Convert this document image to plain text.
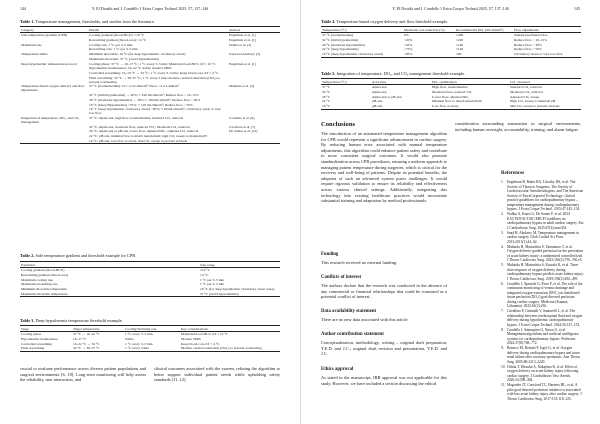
144	Y. El Dwaiki and J. Condello 1 Extra Corpor Technol 2025, 57, 137–146
Table 1. Temperature management, thresholds, and studies from the literature.
Category	Details	Authors
Safe temperature gradient (CPB)	Cooling gradient (blood-HCU): ≤10 °C	Engelman et al. [1]
	Rewarming gradient (blood-core): ≤4 °C	Engelman et al. [1]
Maximum rate	Cooling rate: 1 °C per 3–5 min	Wahba et al. [2]
	Rewarming rate: 1 °C per 3–5 min	
Temperature limits	Minimum allowable: 16 °C (for deep hypothermic circulatory arrest)	Saad and Aladawy [3]
	Maximum allowable: 37 °C (avoid hyperthermia)	
Deep hypothermic temperature protocol	Cooling phase: 37 °C → 16–17 °C; 1 °C every 3–5 min; Maintain blood-HCU ΔT ≤ 10 °C	Engelman et al. [1]
	Hypothermic maintenance: 16–22 °C stable; monitor MRS	
	Controlled rewarming: 16–19 °C → 32 °C; 1 °C every 3–5 min; Keep blood-core ΔT < 4 °C	
	Final rewarming: 32 °C → 36–37 °C; 1 °C every 5 min; monitor cerebral saturation (rSO₂) to prevent overheating	
Temperature-based oxygen delivery and flow adjustments	37 °C (normothermia): CI ≈ 2.4 L/min/m²; Flow: ~2.4 L/min/m²	Mukaida et al. [4]
	32 °C (mild hypothermia) → 20%; ≈ 220 mL/min/m²; Reduce flow ~ 10–15%	
	28 °C (moderate hypothermia) → 39%; ≈ 160 mL/min/m²; Reduce flow ~ 30%	
	18 °C (Deep Hypothermia) ~75%; ≈ 120 mL/min/m²; Reduce flow ~ 50%	
	16 °C (deep hypothermic circulatory arrest) ~85%; ≈ 60 mL/min/m²; circulatory arrest or very low flow	
Integration of temperature, DO₂, and CO₂ management	37 °C: Alpha-stat, high flow; normothermia, standard CO₂ removal	Condello et al. [6]
	32 °C: Alpha-stat, moderate flow, reduced VO₂; Moderate CO₂ removal	Cavallaro et al. [7]
	28 °C: Alpha-stat or pH-stat, lower flow, adjusted DO₂, adjusted CO₂ removal	De Somer et al. [12]
	22 °C: pH-stat, minimal flow to match metabolism; high CO₂ sweep to maintain pH	
	16 °C: pH-stat, low-flow or arrest, min CO₂ sweep to prevent acidosis	
Table 2. Safe temperature gradient and threshold example for CPB.
Parameter	Safe range
Cooling gradient (blood-HCU)	≤10 °C
Rewarming gradient (blood-core)	≤4 °C
Maximum cooling rate	1 °C per 3–5 min
Maximum rewarming rate	1 °C per 3–5 min
Minimum allowable temperature	16 °C (for deep hypothermic circulatory arrest cases)
Maximum allowable temperature	37 °C (avoid hyperthermia)
Table 3. Deep hypothermia temperature threshold example.
Stage	Target temperature	Cooling/Warming rate	Key considerations
Cooling phase	37 °C → 16–22 °C	1 °C every 3–5 min	Maintain blood-HCU ΔT ≤ 10 °C
Hypothermic maintenance	16–17 °C	Stable	Monitor MRS
Controlled rewarming	16–22 °C → 32 °C	1 °C every 3–5 min	Keep blood-core ΔT < 4 °C
Final rewarming	32 °C → 36–37 °C	1 °C every 5 min	Monitor cerebral saturation (rSO₂) to prevent overheating
crucial to evaluate performance across diverse patient populations and surgical environments [6, 10]. Long-term monitoring will help assess the reliability, user interaction, and
clinical outcomes associated with the system, refining the algorithm to better support individual patient needs while upholding safety standards [11, 12].
Y. El Dwaiki and J. Condello 1 Extra Corpor Technol 2025, 57, 137–146	145
Table 4. Temperature-based oxygen delivery and flow threshold example.
Temperature (°C)	Metabolic rate reduction (%)	Recommended DO₂ (mL/min/m²)	Flow adjustments
37 °C (normothermia)	0%	≥280	Standard perfusion flow
32 °C (mild hypothermia)	~20%	≥220	Reduce flow ~ 10–15%
28 °C (moderate hypothermia)	~50%	≥160	Reduce flow ~ 30%
22 °C (deep hypothermia)	~75%	≥120	Reduce flow ~ 50%
16 °C (deep hypothermic circulatory arrest)	~85%	≥60	Circulatory arrest or very low flow
Table 5. Integration of temperature, DO₂, and CO₂ management threshold example.
Temperature (°C)	Acid-base	DO₂ optimization	CO₂ clearance
37 °C	Alpha-stat	High flow, normothermia	Standard CO₂ removal
32 °C	Alpha-stat	Moderate flow, reduced VO₂	Moderate CO₂ removal
28 °C	Alpha-stat or pH-stat	Lower flow, adjusted DO₂	Adjusted CO₂ sweep
22 °C	pH-stat	Minimal flow to match metabolism	High CO₂ sweep to maintain pH
16 °C	pH-stat	Low-flow or arrest	Min CO₂ sweep to prevent acidosis
Conclusions
The introduction of an automated temperature management algorithm for CPB would represent a significant advancement in cardiac surgery. By reducing human error associated with manual temperature adjustments, this algorithm could enhance patient safety and contribute to more consistent surgical outcomes. It would also promote standardization across CPB procedures, ensuring a uniform approach to managing patient temperature during surgeries, which is critical for the recovery and well-being of patients. Despite its potential benefits, the adoption of such an advanced system poses challenges. It would require rigorous validation to ensure its reliability and effectiveness across various clinical settings. Additionally, integrating this technology into existing healthcare practices would necessitate substantial training and adaptation by medical professionals.
Funding
This research received no external funding.
Conflicts of interest
The authors declare that the research was conducted in the absence of any commercial or financial relationships that could be construed as a potential conflict of interest.
Data availability statement
There are no new data associated with this article.
Author contribution statement
Conceptualization, methodology, writing – original draft preparation, Y.E.D. and J.C.; original draft revision and presentation, Y.E.D. and J.C.
Ethics approval
As stated in the manuscript, IRB approval was not applicable for this study. However, we have included a section discussing the ethical
consideration surrounding automation in surgical environments, including human oversight, accountability, training, and alarm fatigue.
References
1. Engelman R, Baker RA, Likosky DS, et al. The Society of Thoracic Surgeons, The Society of Cardiovascular Anesthesiologists, and The American Society of ExtraCorporeal Technology: clinical practice guidelines for cardiopulmonary bypass – temperature management during cardiopulmonary bypass. J Extra Corpor Technol. 2015;47:145–154.
2. Wahba A, Kunst G, De Somer F, et al. 2024 EACTS/EACTAIC/EBCP Guidelines on cardiopulmonary bypass in adult cardiac surgery. Eur J Cardiothorac Surg. 2025;67(2):ezae354.
3. Saad H, Aladawy M. Temperature management in cardiac surgery. Glob Cardiol Sci Pract. 2013;2013(1):44–62.
4. Mukaida H, Matsushita S, Yamamoto T, et al. Oxygen delivery-guided perfusion for the prevention of acute kidney injury: a randomized controlled trial. J Thorac Cardiovasc Surg. 2023;165(2):750–760.e5.
5. Mukaida H, Matsushita S, Kuwaki K, et al. Time-dose response of oxygen delivery during cardiopulmonary bypass predicts acute kidney injury. J Thorac Cardiovasc Surg. 2019;158(2):492–499.
6. Condello I, Speziale G, Fiore F, et al. The role of the continuous monitoring of venous drainage and integrated oxygen extraction (IEO₂) on distributed tissue perfusion (DO₂i) goal directed perfusion during cardiac surgery. Medicina (Kaunas, Lithuania). 2023;61(2):236.
7. Cavallaro P, Grimaldi V, Santarelli L, et al. The relationship between cerebrospinal fluid and oxygen delivery during hypothermic cardiopulmonary bypass. J Extra Corpor Technol. 2024;56:147–152.
8. Condello I, Santarpino G, Nasso G, et al. Management algorithms and artificial intelligence systems for cardiopulmonary bypass. Perfusion. 2022;37(8):768–772.
9. Ranucci M, Romitti F, Isgrò G, et al. Oxygen delivery during cardiopulmonary bypass and acute renal failure after coronary operations. Ann Thorac Surg. 2005;80:2213–2220.
10. Oshita T, Hiraoka A, Nakajima K, et al. Effect of oxygen delivery on acute kidney injury following cardiac surgery. J Cardiothorac Vasc Anesth. 2020;34:398–404.
11. Magruder JT, Crawford TC, Harness HL, et al. A pilot goal-directed perfusion initiative is associated with less acute kidney injury after cardiac surgery. J Thorac Cardiovasc Surg. 2017;153:118–125.
